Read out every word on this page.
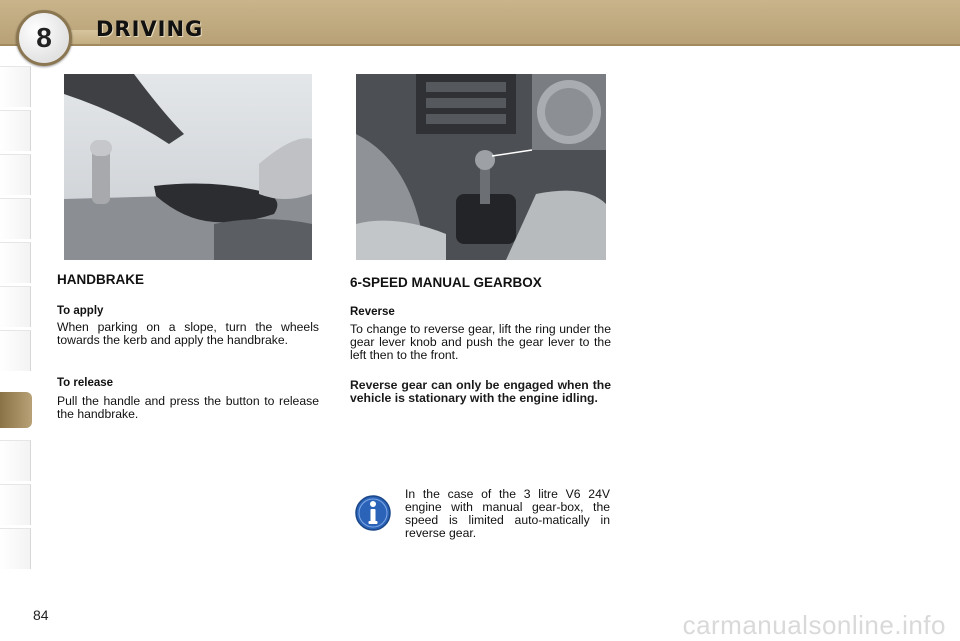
8 DRIVING
HANDBRAKE
To apply
When parking on a slope, turn the wheels towards the kerb and apply the handbrake.
To release
Pull the handle and press the button to release the handbrake.
6-SPEED MANUAL GEARBOX
Reverse
To change to reverse gear, lift the ring under the gear lever knob and push the gear lever to the left then to the front.
Reverse gear can only be engaged when the vehicle is stationary with the engine idling.
In the case of the 3 litre V6 24V engine with manual gear-box, the speed is limited auto-matically in reverse gear.
84	carmanualsonline.info
